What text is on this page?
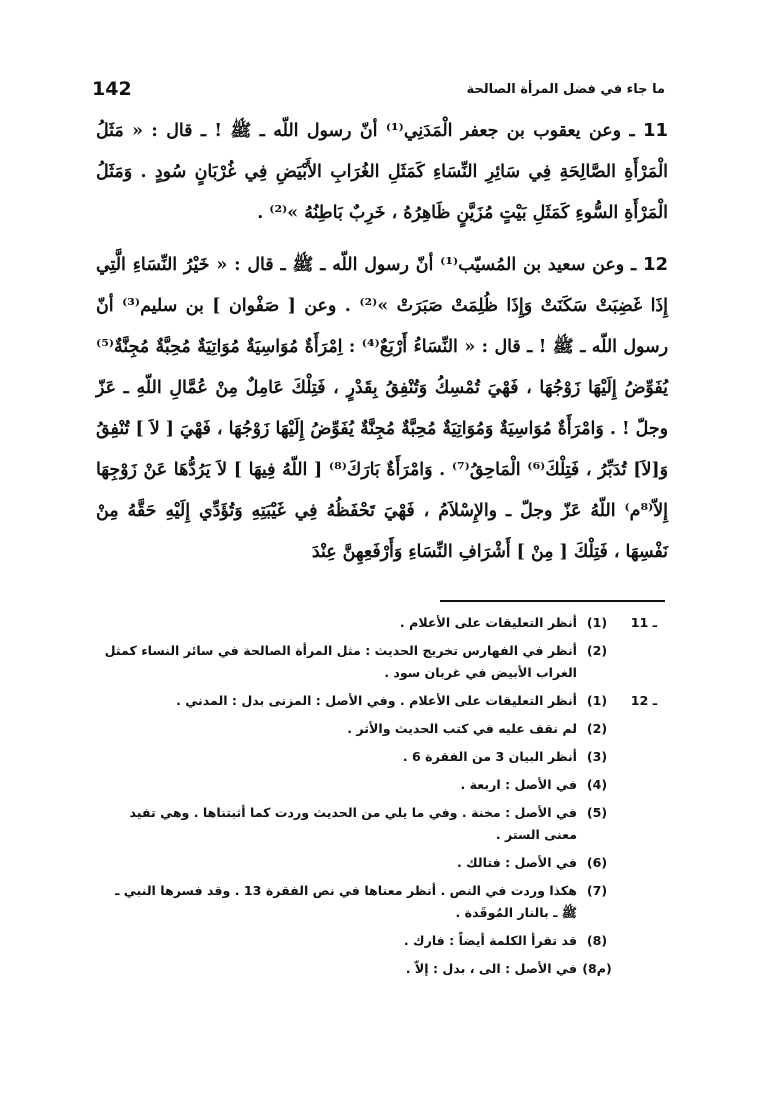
142	ما جاء في فضل المرأة الصالحة

11 ـ وعن يعقوب بن جعفر الْمَدَنِي⁽¹⁾ أنّ رسول اللّه ـ ﷺ ! ـ قال : « مَثَلُ الْمَرْأَةِ الصَّالِحَةِ فِي سَائِرِ النِّسَاءِ كَمَثَلِ الغُرَابِ الأَبْيَضِ فِي غُرْبَانٍ سُودٍ . وَمَثَلُ الْمَرْأَةِ السُّوءِ كَمَثَلِ بَيْتٍ مُزَيَّنٍ ظَاهِرُهُ ، خَرِبٌ بَاطِنُهُ »⁽²⁾ .

12 ـ وعن سعيد بن المُسيّب⁽¹⁾ أنّ رسول اللّه ـ ﷺ ـ قال : « خَيْرُ النِّسَاءِ الَّتِي إِذَا غَضِبَتْ سَكَنَتْ وَإِذَا ظُلِمَتْ صَبَرَتْ »⁽²⁾ . وعن [ صَفْوان ] بن سليم⁽³⁾ أنّ رسول اللّه ـ ﷺ ! ـ قال : « النِّسَاءُ أَرْبَعٌ⁽⁴⁾ : اِمْرَأَةٌ مُوَاسِيَةٌ مُوَاتِيَةٌ مُحِبَّةٌ مُجِنَّةٌ⁽⁵⁾ يُفَوِّضُ إِلَيْهَا زَوْجُهَا ، فَهْيَ تُمْسِكُ وَتُنْفِقُ بِقَدْرٍ ، فَتِلْكَ عَامِلٌ مِنْ عُمَّالِ اللّهِ ـ عَزّ وجلّ ! . وَامْرَأَةٌ مُوَاسِيَةٌ وَمُوَاتِيَةٌ مُحِبَّةٌ مُجِنَّةٌ يُفَوِّضُ إِلَيْهَا زَوْجُهَا ، فَهْيَ [ لاَ ] تُنْفِقُ وَ[لاَ] تُدَبِّرُ ، فَتِلْكَ⁽⁶⁾ الْمَاحِقُ⁽⁷⁾ . وَامْرَأَةٌ بَارَكَ⁽⁸⁾ [ اللّهُ فِيهَا ] لاَ يَرُدُّهَا عَنْ زَوْجِهَا إِلاّ⁽⁸م⁾ اللّهُ عَزّ وجلّ ـ والإِسْلاَمُ ، فَهْيَ تَحْفَظُهُ فِي غَيْبَتِهِ وَتُؤَدِّي إِلَيْهِ حَقَّهُ مِنْ نَفْسِهَا ، فَتِلْكَ [ مِنْ ] أَشْرَافِ النِّسَاءِ وَأَرْفَعِهِنَّ عِنْدَ

11 ـ
(1)
أنظر التعليقات على الأعلام .
(2)
أنظر في الفهارس تخريج الحديث : مثل المرأة الصالحة في سائر النساء كمثل الغراب الأبيض في غربان سود .
12 ـ
(1)
أنظر التعليقات على الأعلام . وفي الأصل : المزنى بدل : المدني .
(2)
لم نقف عليه في كتب الحديث والأثر .
(3)
أنظر البيان 3 من الفقرة 6 .
(4)
في الأصل : اربعة .
(5)
في الأصل : مخنة . وفي ما يلي من الحديث وردت كما أثبتناها . وهي تفيد معنى الستر .
(6)
في الأصل : فتالك .
(7)
هكذا وردت في النص . أنظر معناها في نص الفقرة 13 . وقد فسرها النبي ـ ﷺ ـ بالنار المُوقَدة .
(8)
قد تقرأ الكلمة أيضاً : فارك .
(8م)
في الأصل : الى ، بدل : إلاّ .
